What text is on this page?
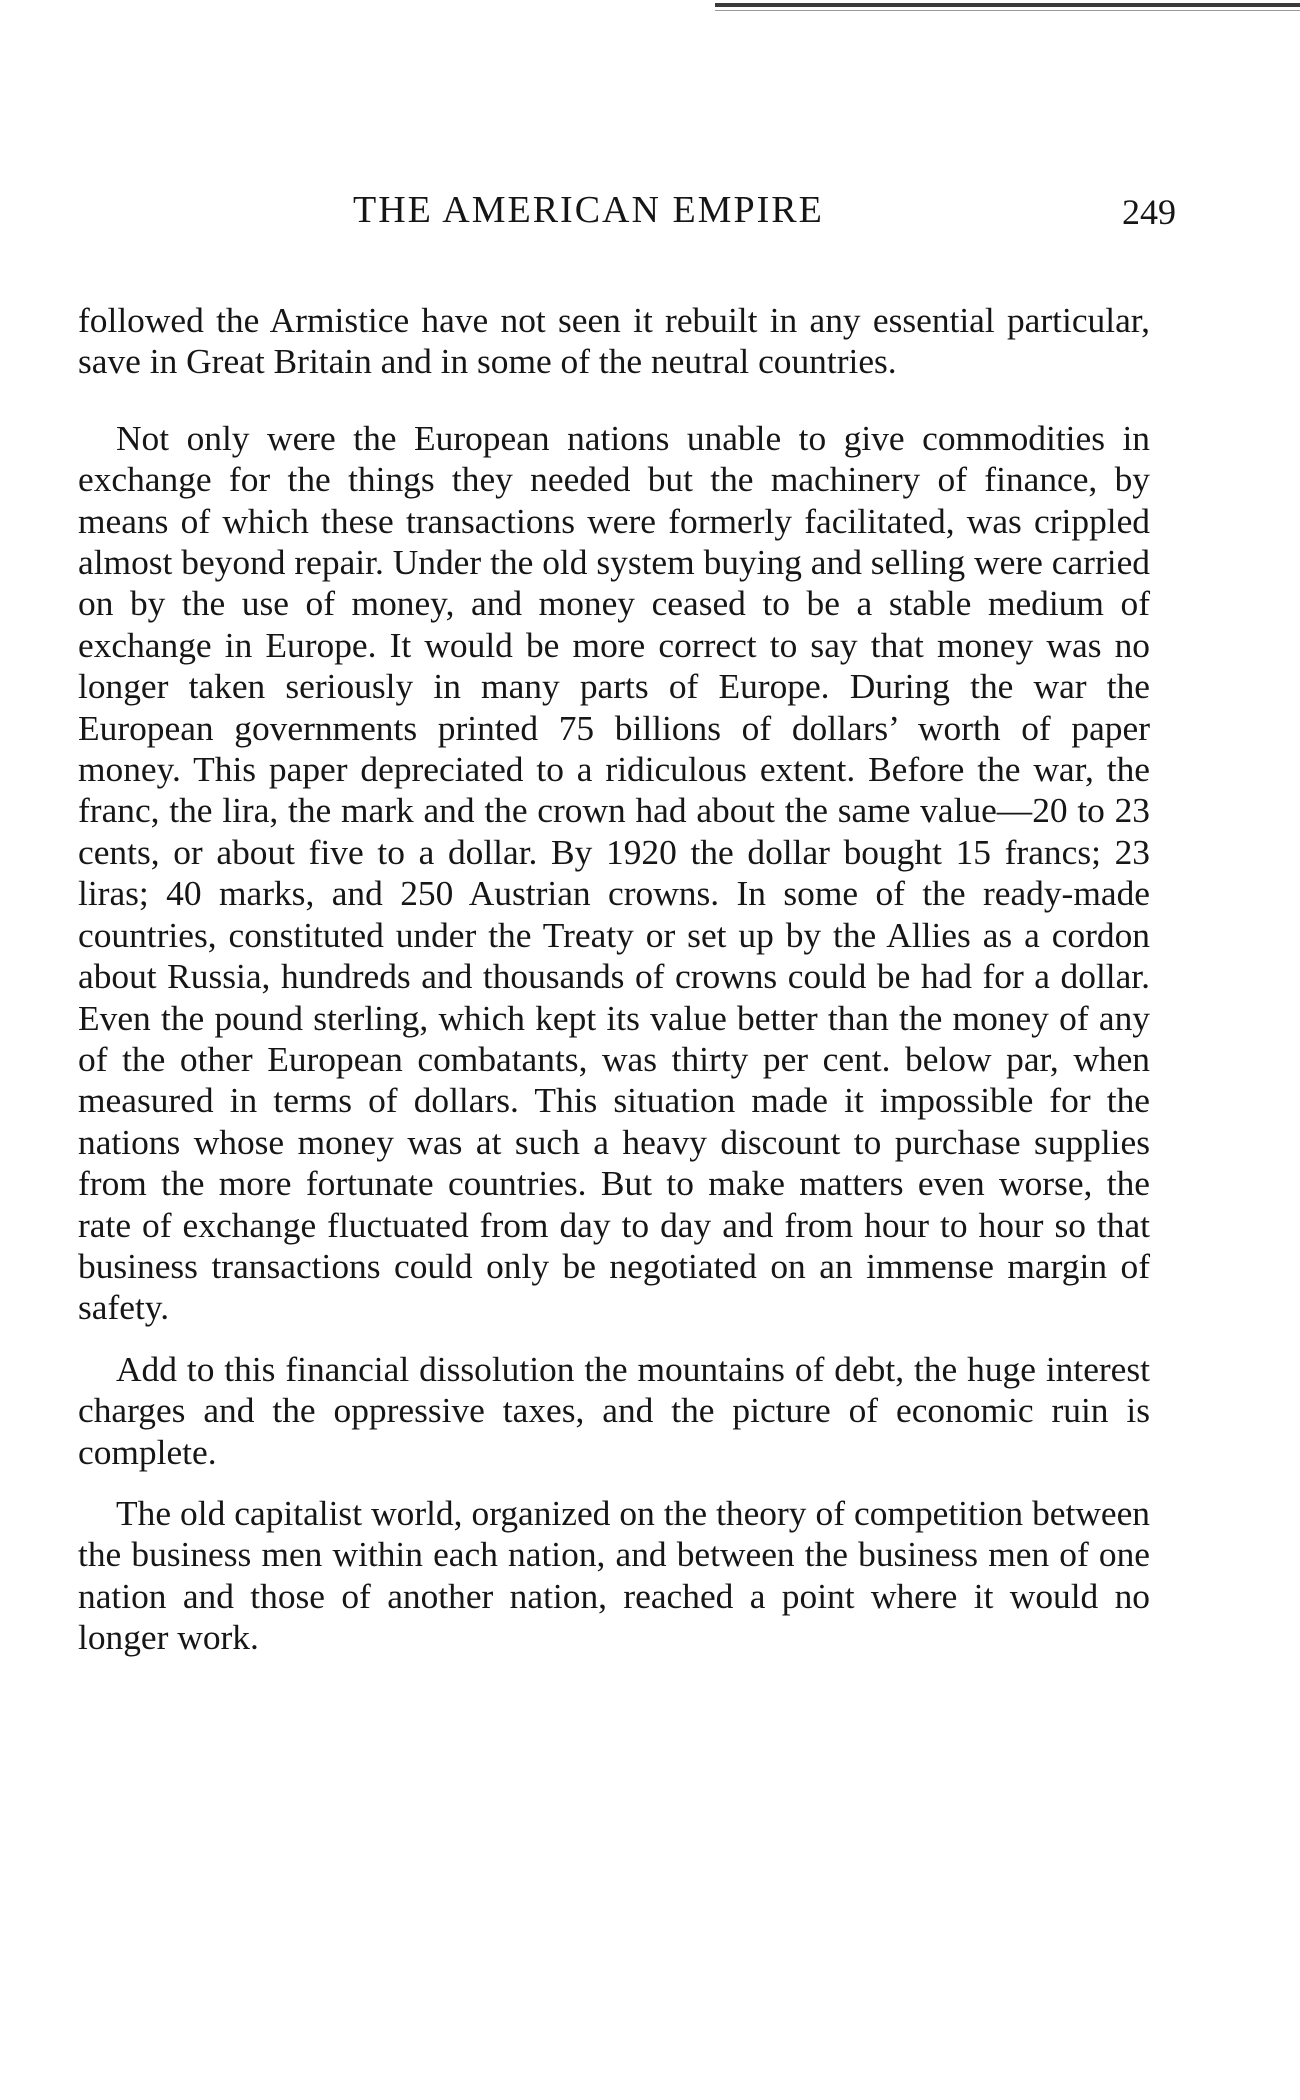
THE AMERICAN EMPIRE	249

followed the Armistice have not seen it rebuilt in any essential particular, save in Great Britain and in some of the neutral countries.

Not only were the European nations unable to give commodities in exchange for the things they needed but the machinery of finance, by means of which these transactions were formerly facilitated, was crippled almost beyond repair. Under the old system buying and selling were carried on by the use of money, and money ceased to be a stable medium of exchange in Europe. It would be more correct to say that money was no longer taken seriously in many parts of Europe. During the war the European governments printed 75 billions of dollars’ worth of paper money. This paper depreciated to a ridiculous extent. Before the war, the franc, the lira, the mark and the crown had about the same value—20 to 23 cents, or about five to a dollar. By 1920 the dollar bought 15 francs; 23 liras; 40 marks, and 250 Austrian crowns. In some of the ready-made countries, constituted under the Treaty or set up by the Allies as a cordon about Russia, hundreds and thousands of crowns could be had for a dollar. Even the pound sterling, which kept its value better than the money of any of the other European combatants, was thirty per cent. below par, when measured in terms of dollars. This situation made it impossible for the nations whose money was at such a heavy discount to purchase supplies from the more fortunate countries. But to make matters even worse, the rate of exchange fluctuated from day to day and from hour to hour so that business transactions could only be negotiated on an immense margin of safety.

Add to this financial dissolution the mountains of debt, the huge interest charges and the oppressive taxes, and the picture of economic ruin is complete.

The old capitalist world, organized on the theory of competition between the business men within each nation, and between the business men of one nation and those of another nation, reached a point where it would no longer work.
